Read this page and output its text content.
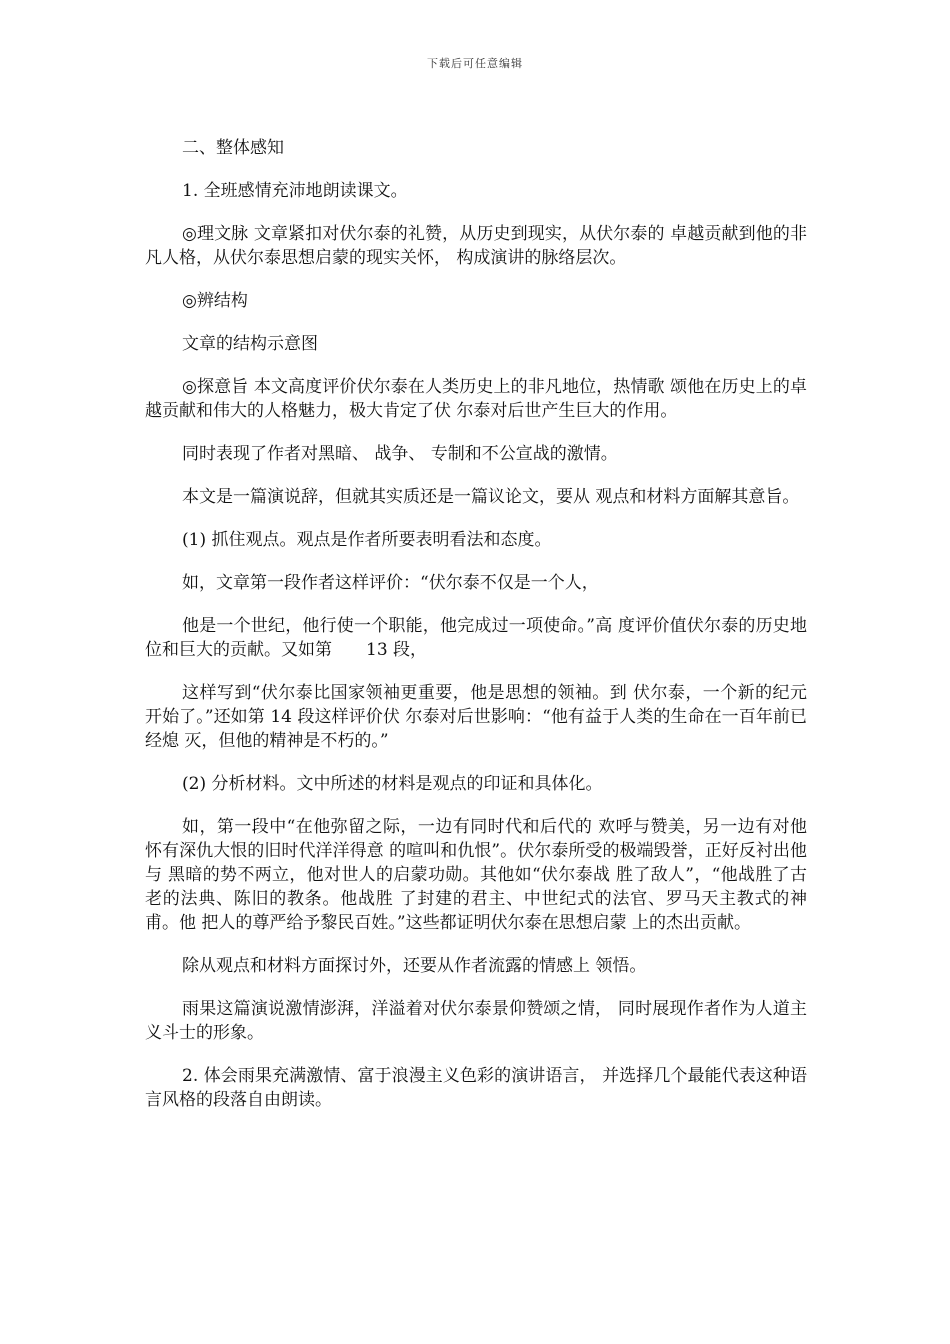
下载后可任意编辑

二、整体感知

1. 全班感情充沛地朗读课文。

◎理文脉 文章紧扣对伏尔泰的礼赞，从历史到现实，从伏尔泰的 卓越贡献到他的非凡人格，从伏尔泰思想启蒙的现实关怀， 构成演讲的脉络层次。

◎辨结构

文章的结构示意图

◎探意旨 本文高度评价伏尔泰在人类历史上的非凡地位，热情歌 颂他在历史上的卓越贡献和伟大的人格魅力，极大肯定了伏 尔泰对后世产生巨大的作用。

同时表现了作者对黑暗、 战争、 专制和不公宣战的激情。

本文是一篇演说辞，但就其实质还是一篇议论文，要从 观点和材料方面解其意旨。

(1) 抓住观点。观点是作者所要表明看法和态度。

如，文章第一段作者这样评价：“伏尔泰不仅是一个人，

他是一个世纪，他行使一个职能，他完成过一项使命。”高 度评价值伏尔泰的历史地位和巨大的贡献。又如第　　13 段，

这样写到“伏尔泰比国家领袖更重要，他是思想的领袖。到 伏尔泰，一个新的纪元开始了。”还如第 14 段这样评价伏 尔泰对后世影响：“他有益于人类的生命在一百年前已经熄 灭，但他的精神是不朽的。”

(2) 分析材料。文中所述的材料是观点的印证和具体化。

如，第一段中“在他弥留之际，一边有同时代和后代的 欢呼与赞美，另一边有对他怀有深仇大恨的旧时代洋洋得意 的喧叫和仇恨”。伏尔泰所受的极端毁誉，正好反衬出他与 黑暗的势不两立，他对世人的启蒙功勋。其他如“伏尔泰战 胜了敌人”，“他战胜了古老的法典、陈旧的教条。他战胜 了封建的君主、中世纪式的法官、罗马天主教式的神甫。他 把人的尊严给予黎民百姓。”这些都证明伏尔泰在思想启蒙 上的杰出贡献。

除从观点和材料方面探讨外，还要从作者流露的情感上 领悟。

雨果这篇演说激情澎湃，洋溢着对伏尔泰景仰赞颂之情， 同时展现作者作为人道主义斗士的形象。

2. 体会雨果充满激情、富于浪漫主义色彩的演讲语言， 并选择几个最能代表这种语言风格的段落自由朗读。
